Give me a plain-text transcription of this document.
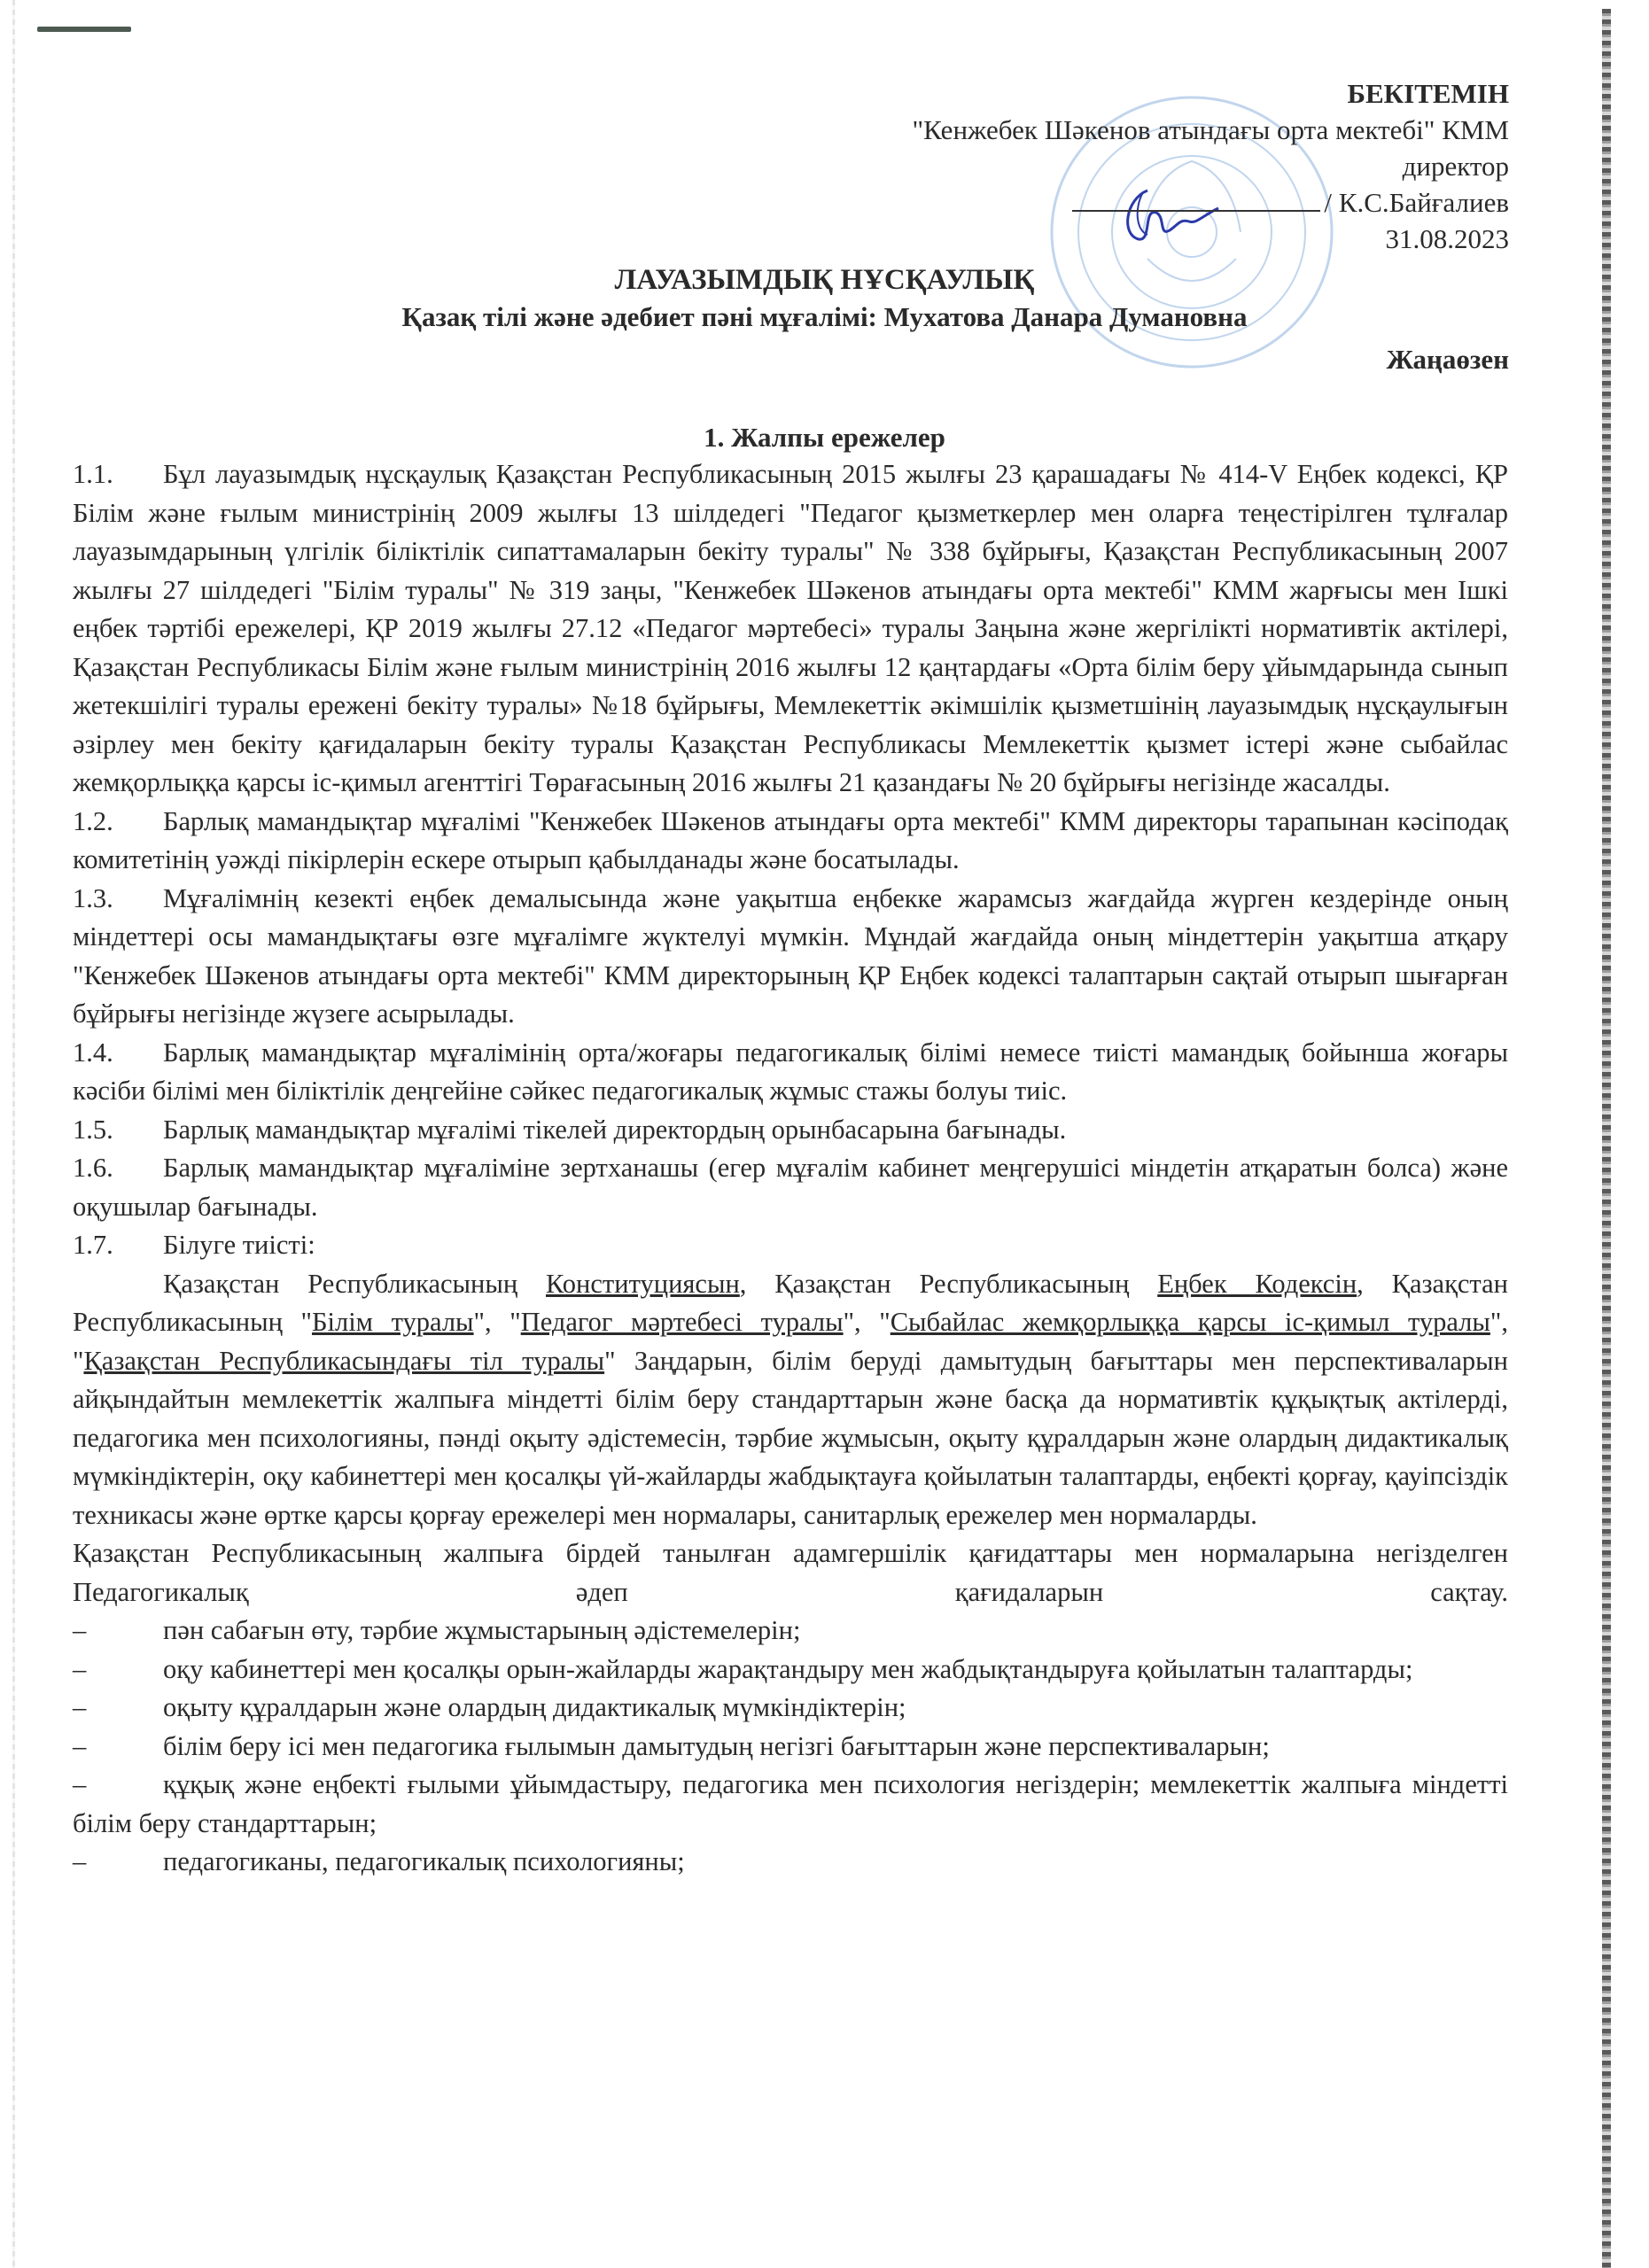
БЕКІТЕМІН
"Кенжебек Шәкенов атындағы орта мектебі" КММ
директор
/ К.С.Байғалиев
31.08.2023
ЛАУАЗЫМДЫҚ НҰСҚАУЛЫҚ
Қазақ тілі және әдебиет пәні мұғалімі: Мухатова Данара Думановна
Жаңаөзен
1. Жалпы ережелер

1.1. Бұл лауазымдық нұсқаулық Қазақстан Республикасының 2015 жылғы 23 қарашадағы № 414-V Еңбек кодексі, ҚР Білім және ғылым министрінің 2009 жылғы 13 шілдедегі "Педагог қызметкерлер мен оларға теңестірілген тұлғалар лауазымдарының үлгілік біліктілік сипаттамаларын бекіту туралы" № 338 бұйрығы, Қазақстан Республикасының 2007 жылғы 27 шілдедегі "Білім туралы" № 319 заңы, "Кенжебек Шәкенов атындағы орта мектебі" КММ жарғысы мен Ішкі еңбек тәртібі ережелері, ҚР 2019 жылғы 27.12 «Педагог мәртебесі» туралы Заңына және жергілікті нормативтік актілері, Қазақстан Республикасы Білім және ғылым министрінің 2016 жылғы 12 қаңтардағы «Орта білім беру ұйымдарында сынып жетекшілігі туралы ережені бекіту туралы» №18 бұйрығы, Мемлекеттік әкімшілік қызметшінің лауазымдық нұсқаулығын әзірлеу мен бекіту қағидаларын бекіту туралы Қазақстан Республикасы Мемлекеттік қызмет істері және сыбайлас жемқорлыққа қарсы іс-қимыл агенттігі Төрағасының 2016 жылғы 21 қазандағы № 20 бұйрығы негізінде жасалды.

1.2. Барлық мамандықтар мұғалімі "Кенжебек Шәкенов атындағы орта мектебі" КММ директоры тарапынан кәсіподақ комитетінің уәжді пікірлерін ескере отырып қабылданады және босатылады.

1.3. Мұғалімнің кезекті еңбек демалысында және уақытша еңбекке жарамсыз жағдайда жүрген кездерінде оның міндеттері осы мамандықтағы өзге мұғалімге жүктелуі мүмкін. Мұндай жағдайда оның міндеттерін уақытша атқару "Кенжебек Шәкенов атындағы орта мектебі" КММ директорының ҚР Еңбек кодексі талаптарын сақтай отырып шығарған бұйрығы негізінде жүзеге асырылады.

1.4. Барлық мамандықтар мұғалімінің орта/жоғары педагогикалық білімі немесе тиісті мамандық бойынша жоғары кәсіби білімі мен біліктілік деңгейіне сәйкес педагогикалық жұмыс стажы болуы тиіс.

1.5. Барлық мамандықтар мұғалімі тікелей директордың орынбасарына бағынады.

1.6. Барлық мамандықтар мұғаліміне зертханашы (егер мұғалім кабинет меңгерушісі міндетін атқаратын болса) және оқушылар бағынады.

1.7. Білуге тиісті:

Қазақстан Республикасының Конституциясын, Қазақстан Республикасының Еңбек Кодексін, Қазақстан Республикасының "Білім туралы", "Педагог мәртебесі туралы", "Сыбайлас жемқорлыққа қарсы іс-қимыл туралы", "Қазақстан Республикасындағы тіл туралы" Заңдарын, білім беруді дамытудың бағыттары мен перспективаларын айқындайтын мемлекеттік жалпыға міндетті білім беру стандарттарын және басқа да нормативтік құқықтық актілерді, педагогика мен психологияны, пәнді оқыту әдістемесін, тәрбие жұмысын, оқыту құралдарын және олардың дидактикалық мүмкіндіктерін, оқу кабинеттері мен қосалқы үй-жайларды жабдықтауға қойылатын талаптарды, еңбекті қорғау, қауіпсіздік техникасы және өртке қарсы қорғау ережелері мен нормалары, санитарлық ережелер мен нормаларды.

Қазақстан Республикасының жалпыға бірдей танылған адамгершілік қағидаттары мен нормаларына негізделген Педагогикалық әдеп қағидаларын сақтау.

–	пән сабағын өту, тәрбие жұмыстарының әдістемелерін;

–	оқу кабинеттері мен қосалқы орын-жайларды жарақтандыру мен жабдықтандыруға қойылатын талаптарды;

–	оқыту құралдарын және олардың дидактикалық мүмкіндіктерін;

–	білім беру ісі мен педагогика ғылымын дамытудың негізгі бағыттарын және перспективаларын;

–	құқық және еңбекті ғылыми ұйымдастыру, педагогика мен психология негіздерін; мемлекеттік жалпыға міндетті білім беру стандарттарын;

–	педагогиканы, педагогикалық психологияны;
